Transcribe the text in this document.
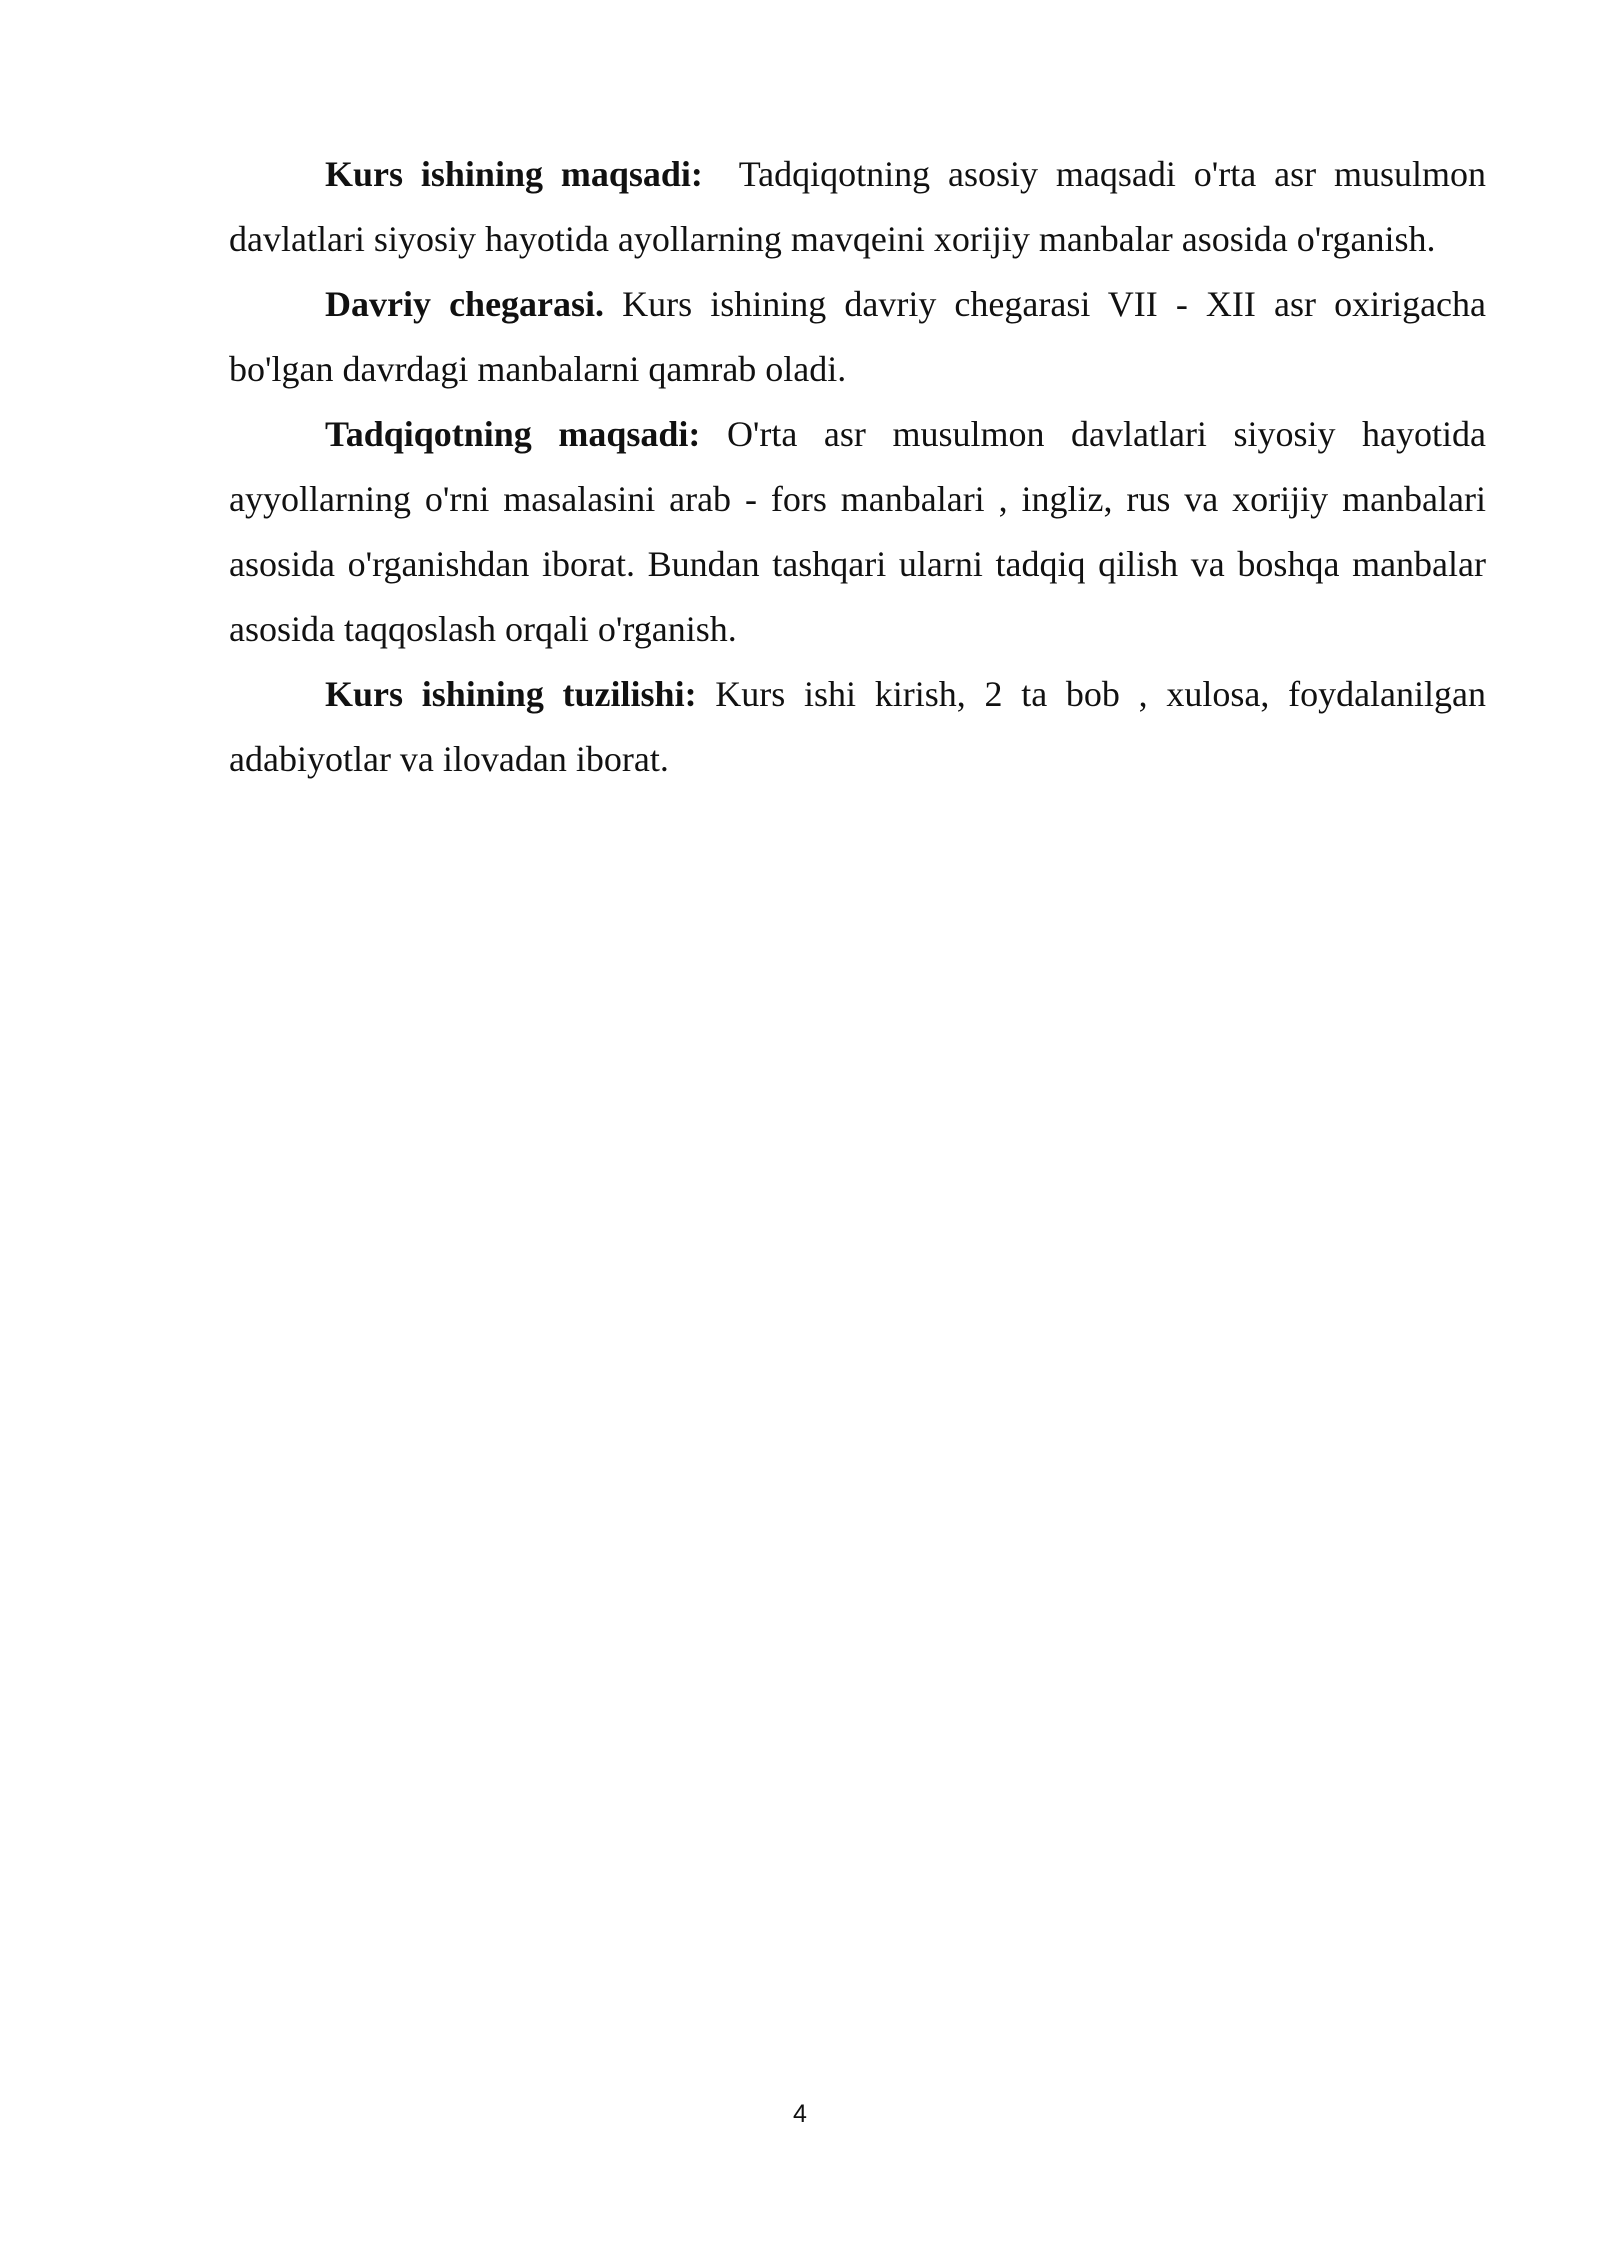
Kurs ishining maqsadi: Tadqiqotning asosiy maqsadi o'rta asr musulmon davlatlari siyosiy hayotida ayollarning mavqeini xorijiy manbalar asosida o'rganish.

Davriy chegarasi. Kurs ishining davriy chegarasi VII - XII asr oxirigacha bo'lgan davrdagi manbalarni qamrab oladi.

Tadqiqotning maqsadi: O'rta asr musulmon davlatlari siyosiy hayotida ayyollarning o'rni masalasini arab - fors manbalari , ingliz, rus va xorijiy manbalari asosida o'rganishdan iborat. Bundan tashqari ularni tadqiq qilish va boshqa manbalar asosida taqqoslash orqali o'rganish.

Kurs ishining tuzilishi: Kurs ishi kirish, 2 ta bob , xulosa, foydalanilgan adabiyotlar va ilovadan iborat.

4
